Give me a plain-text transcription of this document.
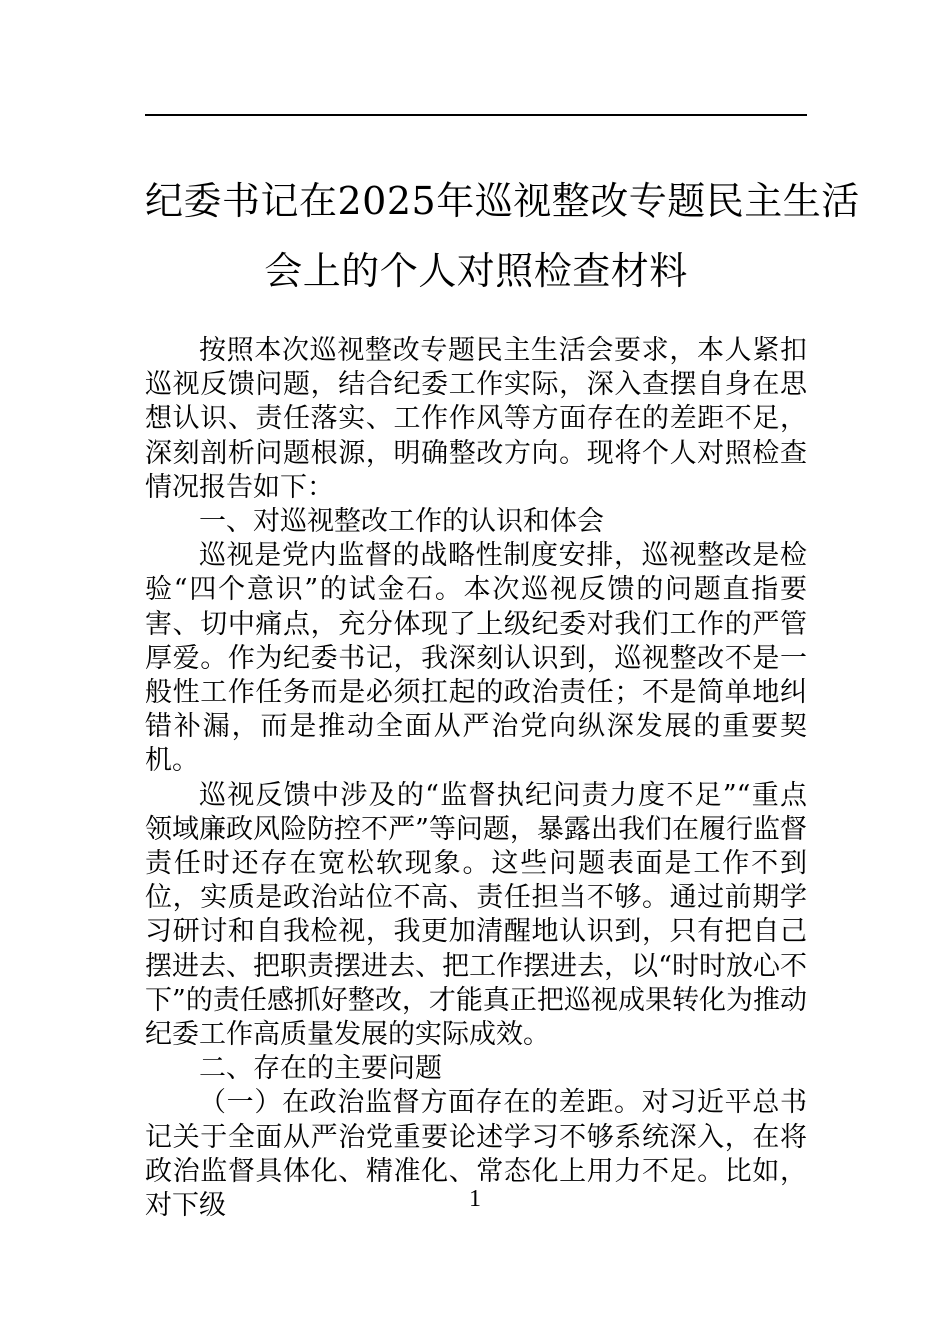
纪委书记在2025年巡视整改专题民主生活
会上的个人对照检查材料

按照本次巡视整改专题民主生活会要求，本人紧扣巡视反馈问题，结合纪委工作实际，深入查摆自身在思想认识、责任落实、工作作风等方面存在的差距不足，深刻剖析问题根源，明确整改方向。现将个人对照检查情况报告如下：

一、对巡视整改工作的认识和体会

巡视是党内监督的战略性制度安排，巡视整改是检验“四个意识”的试金石。本次巡视反馈的问题直指要害、切中痛点，充分体现了上级纪委对我们工作的严管厚爱。作为纪委书记，我深刻认识到，巡视整改不是一般性工作任务而是必须扛起的政治责任；不是简单地纠错补漏，而是推动全面从严治党向纵深发展的重要契机。

巡视反馈中涉及的“监督执纪问责力度不足”“重点领域廉政风险防控不严”等问题，暴露出我们在履行监督责任时还存在宽松软现象。这些问题表面是工作不到位，实质是政治站位不高、责任担当不够。通过前期学习研讨和自我检视，我更加清醒地认识到，只有把自己摆进去、把职责摆进去、把工作摆进去，以“时时放心不下”的责任感抓好整改，才能真正把巡视成果转化为推动纪委工作高质量发展的实际成效。

二、存在的主要问题

（一）在政治监督方面存在的差距。对习近平总书记关于全面从严治党重要论述学习不够系统深入，在将政治监督具体化、精准化、常态化上用力不足。比如，对下级	1
